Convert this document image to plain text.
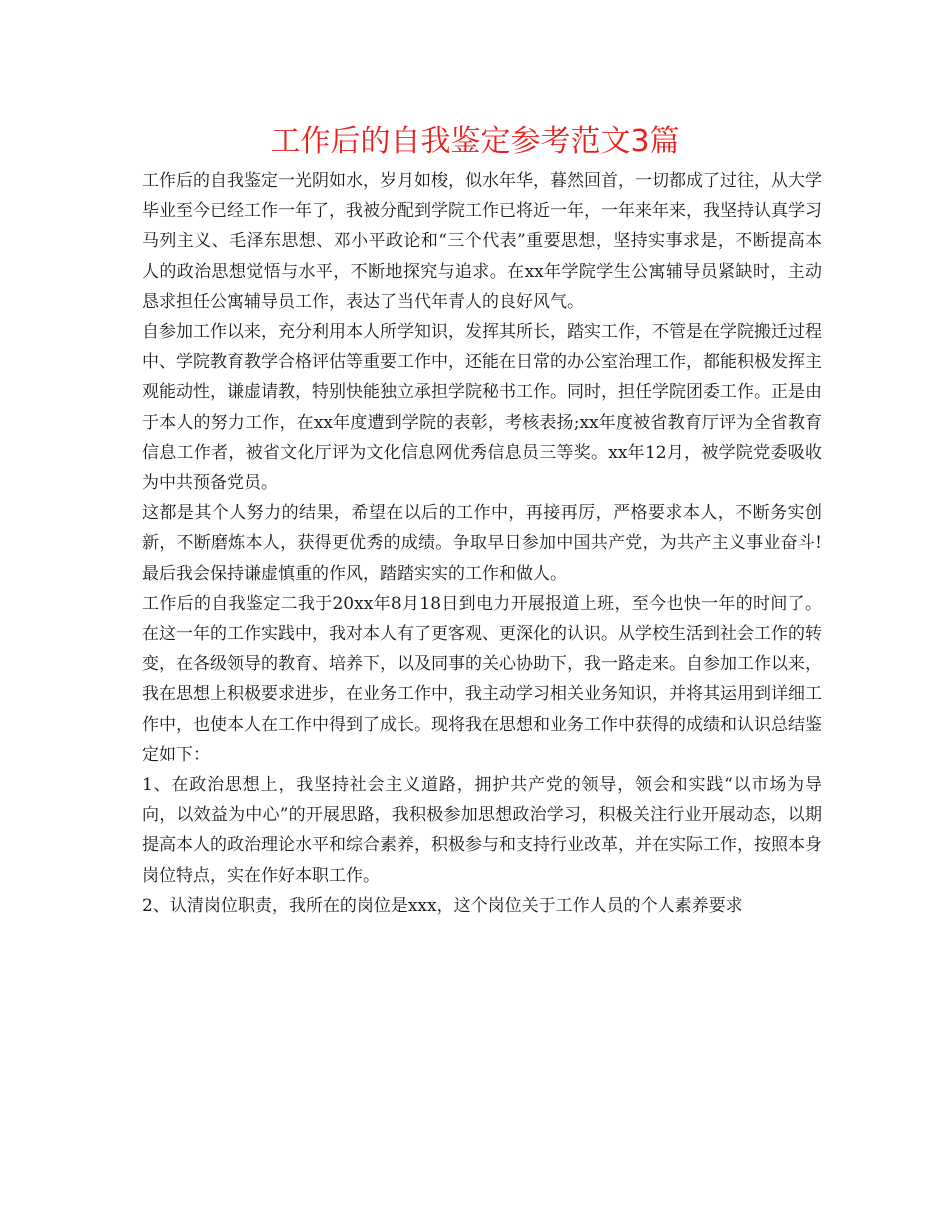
工作后的自我鉴定参考范文3篇

工作后的自我鉴定一光阴如水，岁月如梭，似水年华，暮然回首，一切都成了过往，从大学毕业至今已经工作一年了，我被分配到学院工作已将近一年，一年来年来，我坚持认真学习马列主义、毛泽东思想、邓小平政论和“三个代表”重要思想，坚持实事求是，不断提高本人的政治思想觉悟与水平，不断地探究与追求。在xx年学院学生公寓辅导员紧缺时，主动恳求担任公寓辅导员工作，表达了当代年青人的良好风气。

自参加工作以来，充分利用本人所学知识，发挥其所长，踏实工作，不管是在学院搬迁过程中、学院教育教学合格评估等重要工作中，还能在日常的办公室治理工作，都能积极发挥主观能动性，谦虚请教，特别快能独立承担学院秘书工作。同时，担任学院团委工作。正是由于本人的努力工作，在xx年度遭到学院的表彰，考核表扬;xx年度被省教育厅评为全省教育信息工作者，被省文化厅评为文化信息网优秀信息员三等奖。xx年12月，被学院党委吸收为中共预备党员。

这都是其个人努力的结果，希望在以后的工作中，再接再厉，严格要求本人，不断务实创新，不断磨炼本人，获得更优秀的成绩。争取早日参加中国共产党，为共产主义事业奋斗!最后我会保持谦虚慎重的作风，踏踏实实的工作和做人。

工作后的自我鉴定二我于20xx年8月18日到电力开展报道上班，至今也快一年的时间了。在这一年的工作实践中，我对本人有了更客观、更深化的认识。从学校生活到社会工作的转变，在各级领导的教育、培养下，以及同事的关心协助下，我一路走来。自参加工作以来，我在思想上积极要求进步，在业务工作中，我主动学习相关业务知识，并将其运用到详细工作中，也使本人在工作中得到了成长。现将我在思想和业务工作中获得的成绩和认识总结鉴定如下：

1、在政治思想上，我坚持社会主义道路，拥护共产党的领导，领会和实践“以市场为导向，以效益为中心”的开展思路，我积极参加思想政治学习，积极关注行业开展动态，以期提高本人的政治理论水平和综合素养，积极参与和支持行业改革，并在实际工作，按照本身岗位特点，实在作好本职工作。

2、认清岗位职责，我所在的岗位是xxx，这个岗位关于工作人员的个人素养要求
